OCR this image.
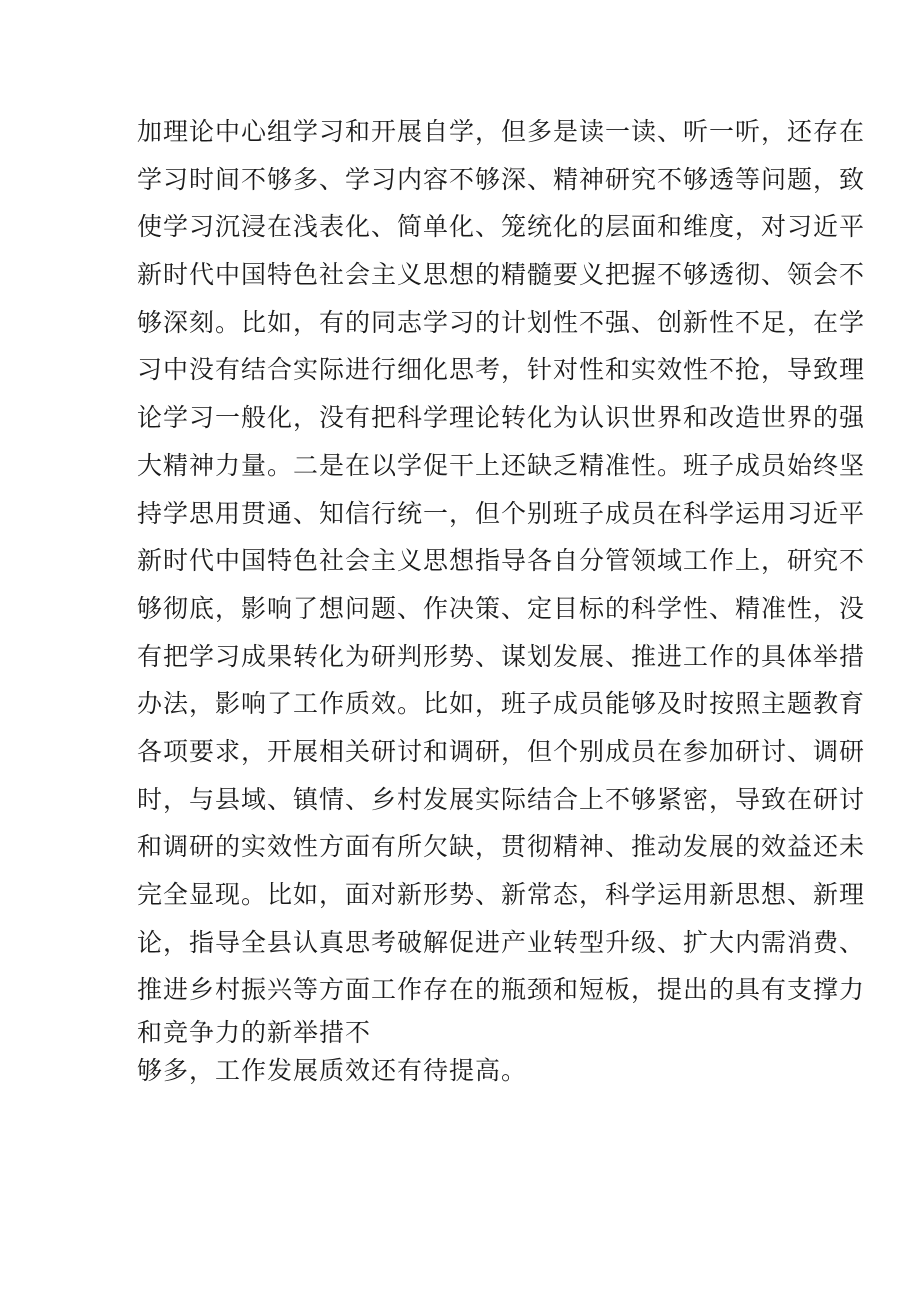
加理论中心组学习和开展自学，但多是读一读、听一听，还存在
学习时间不够多、学习内容不够深、精神研究不够透等问题，致
使学习沉浸在浅表化、简单化、笼统化的层面和维度，对习近平
新时代中国特色社会主义思想的精髓要义把握不够透彻、领会不
够深刻。比如，有的同志学习的计划性不强、创新性不足，在学
习中没有结合实际进行细化思考，针对性和实效性不抢，导致理
论学习一般化，没有把科学理论转化为认识世界和改造世界的强
大精神力量。二是在以学促干上还缺乏精准性。班子成员始终坚
持学思用贯通、知信行统一，但个别班子成员在科学运用习近平
新时代中国特色社会主义思想指导各自分管领域工作上，研究不
够彻底，影响了想问题、作决策、定目标的科学性、精准性，没
有把学习成果转化为研判形势、谋划发展、推进工作的具体举措
办法，影响了工作质效。比如，班子成员能够及时按照主题教育
各项要求，开展相关研讨和调研，但个别成员在参加研讨、调研
时，与县域、镇情、乡村发展实际结合上不够紧密，导致在研讨
和调研的实效性方面有所欠缺，贯彻精神、推动发展的效益还未
完全显现。比如，面对新形势、新常态，科学运用新思想、新理
论，指导全县认真思考破解促进产业转型升级、扩大内需消费、
推进乡村振兴等方面工作存在的瓶颈和短板，提出的具有支撑力
和竞争力的新举措不
够多，工作发展质效还有待提高。
